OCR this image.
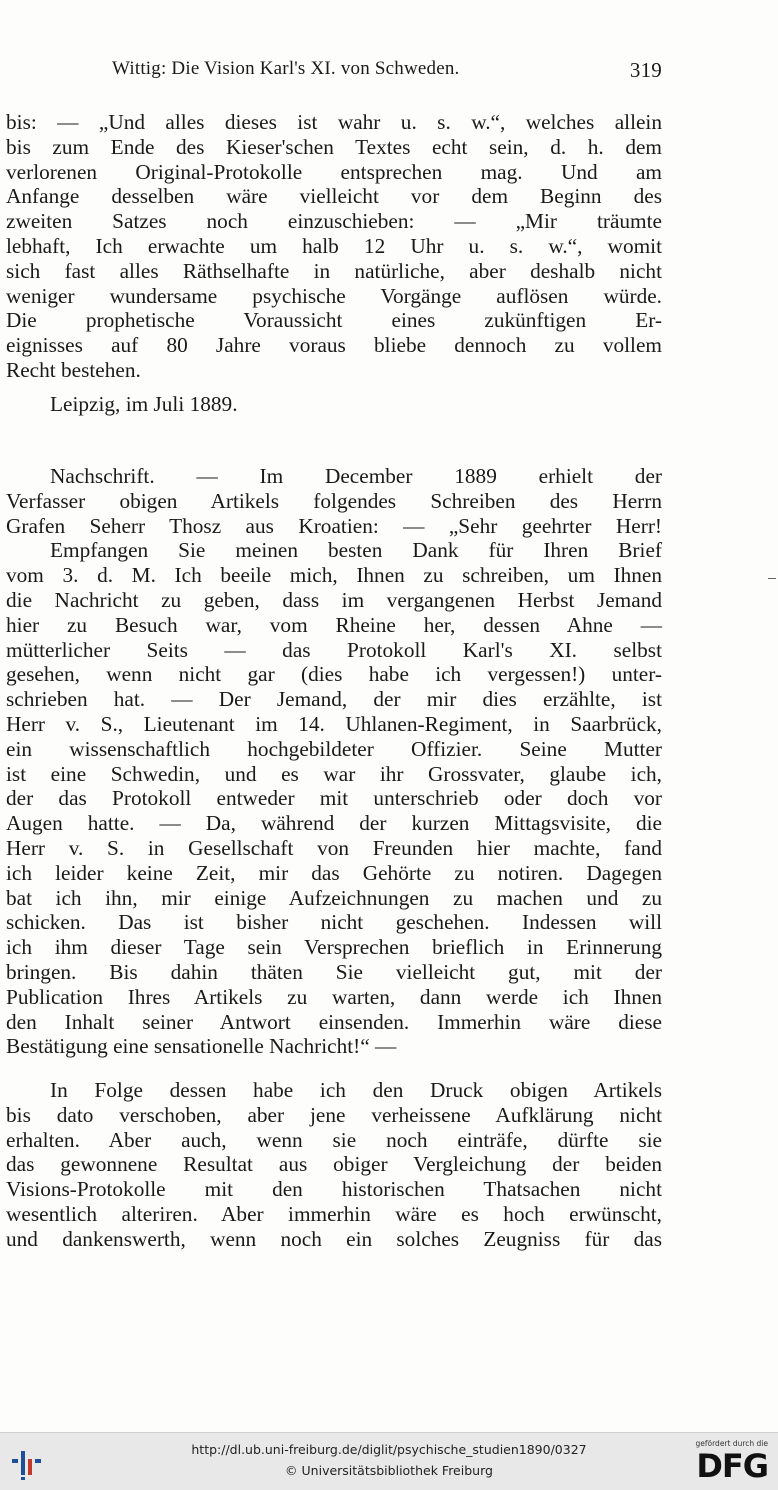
Wittig: Die Vision Karl's XI. von Schweden.	319
bis: — „Und alles dieses ist wahr u. s. w.“, welches allein
bis zum Ende des Kieser'schen Textes echt sein, d. h. dem
verlorenen Original-Protokolle entsprechen mag. Und am
Anfange desselben wäre vielleicht vor dem Beginn des
zweiten Satzes noch einzuschieben: — „Mir träumte
lebhaft, Ich erwachte um halb 12 Uhr u. s. w.“, womit
sich fast alles Räthselhafte in natürliche, aber deshalb nicht
weniger wundersame psychische Vorgänge auflösen würde.
Die prophetische Voraussicht eines zukünftigen Er-
eignisses auf 80 Jahre voraus bliebe dennoch zu vollem
Recht bestehen.
Leipzig, im Juli 1889.
Nachschrift. — Im December 1889 erhielt der
Verfasser obigen Artikels folgendes Schreiben des Herrn
Grafen Seherr Thosz aus Kroatien: — „Sehr geehrter Herr!
Empfangen Sie meinen besten Dank für Ihren Brief
vom 3. d. M. Ich beeile mich, Ihnen zu schreiben, um Ihnen
die Nachricht zu geben, dass im vergangenen Herbst Jemand
hier zu Besuch war, vom Rheine her, dessen Ahne —
mütterlicher Seits — das Protokoll Karl's XI. selbst
gesehen, wenn nicht gar (dies habe ich vergessen!) unter-
schrieben hat. — Der Jemand, der mir dies erzählte, ist
Herr v. S., Lieutenant im 14. Uhlanen-Regiment, in Saarbrück,
ein wissenschaftlich hochgebildeter Offizier. Seine Mutter
ist eine Schwedin, und es war ihr Grossvater, glaube ich,
der das Protokoll entweder mit unterschrieb oder doch vor
Augen hatte. — Da, während der kurzen Mittagsvisite, die
Herr v. S. in Gesellschaft von Freunden hier machte, fand
ich leider keine Zeit, mir das Gehörte zu notiren. Dagegen
bat ich ihn, mir einige Aufzeichnungen zu machen und zu
schicken. Das ist bisher nicht geschehen. Indessen will
ich ihm dieser Tage sein Versprechen brieflich in Erinnerung
bringen. Bis dahin thäten Sie vielleicht gut, mit der
Publication Ihres Artikels zu warten, dann werde ich Ihnen
den Inhalt seiner Antwort einsenden. Immerhin wäre diese
Bestätigung eine sensationelle Nachricht!“ —
In Folge dessen habe ich den Druck obigen Artikels
bis dato verschoben, aber jene verheissene Aufklärung nicht
erhalten. Aber auch, wenn sie noch einträfe, dürfte sie
das gewonnene Resultat aus obiger Vergleichung der beiden
Visions-Protokolle mit den historischen Thatsachen nicht
wesentlich alteriren. Aber immerhin wäre es hoch erwünscht,
und dankenswerth, wenn noch ein solches Zeugniss für das
http://dl.ub.uni-freiburg.de/diglit/psychische_studien1890/0327
© Universitätsbibliothek Freiburg
gefördert durch die
DFG
